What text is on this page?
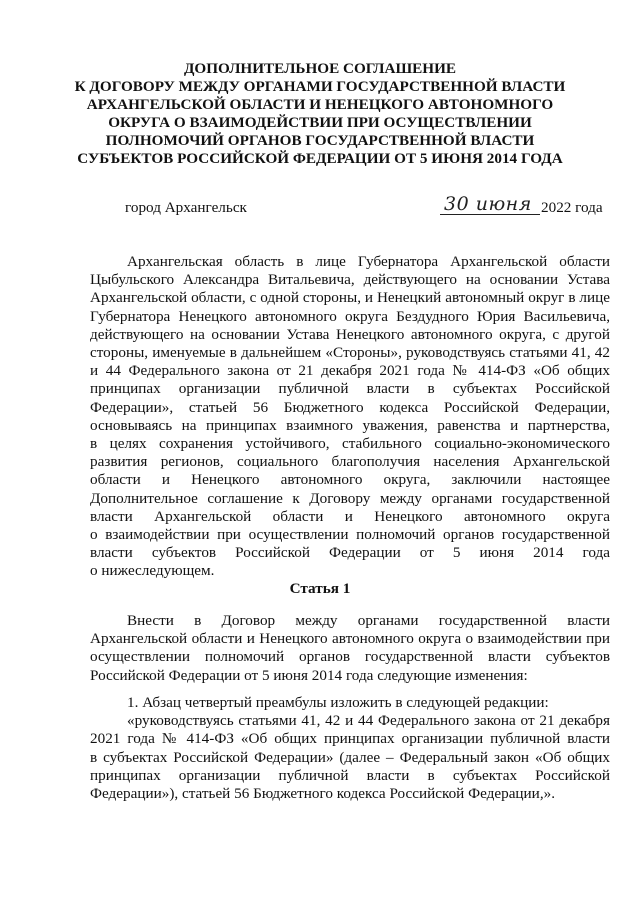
ДОПОЛНИТЕЛЬНОЕ СОГЛАШЕНИЕ
К ДОГОВОРУ МЕЖДУ ОРГАНАМИ ГОСУДАРСТВЕННОЙ ВЛАСТИ
АРХАНГЕЛЬСКОЙ ОБЛАСТИ И НЕНЕЦКОГО АВТОНОМНОГО
ОКРУГА О ВЗАИМОДЕЙСТВИИ ПРИ ОСУЩЕСТВЛЕНИИ
ПОЛНОМОЧИЙ ОРГАНОВ ГОСУДАРСТВЕННОЙ ВЛАСТИ
СУБЪЕКТОВ РОССИЙСКОЙ ФЕДЕРАЦИИ ОТ 5 ИЮНЯ 2014 ГОДА
город Архангельск	30 июня 2022 года
Архангельская область в лице Губернатора Архангельской области
Цыбульского Александра Витальевича, действующего на основании Устава
Архангельской области, с одной стороны, и Ненецкий автономный округ в лице
Губернатора Ненецкого автономного округа Бездудного Юрия Васильевича,
действующего на основании Устава Ненецкого автономного округа, с другой
стороны, именуемые в дальнейшем «Стороны», руководствуясь статьями 41, 42
и 44 Федерального закона от 21 декабря 2021 года № 414-ФЗ «Об общих
принципах организации публичной власти в субъектах Российской
Федерации», статьей 56 Бюджетного кодекса Российской Федерации,
основываясь на принципах взаимного уважения, равенства и партнерства,
в целях сохранения устойчивого, стабильного социально-экономического
развития регионов, социального благополучия населения Архангельской
области и Ненецкого автономного округа, заключили настоящее
Дополнительное соглашение к Договору между органами государственной
власти Архангельской области и Ненецкого автономного округа
о взаимодействии при осуществлении полномочий органов государственной
власти субъектов Российской Федерации от 5 июня 2014 года
о нижеследующем.
Статья 1
Внести в Договор между органами государственной власти
Архангельской области и Ненецкого автономного округа о взаимодействии при
осуществлении полномочий органов государственной власти субъектов
Российской Федерации от 5 июня 2014 года следующие изменения:
1. Абзац четвертый преамбулы изложить в следующей редакции:
«руководствуясь статьями 41, 42 и 44 Федерального закона от 21 декабря
2021 года № 414-ФЗ «Об общих принципах организации публичной власти
в субъектах Российской Федерации» (далее – Федеральный закон «Об общих
принципах организации публичной власти в субъектах Российской
Федерации»), статьей 56 Бюджетного кодекса Российской Федерации,».
